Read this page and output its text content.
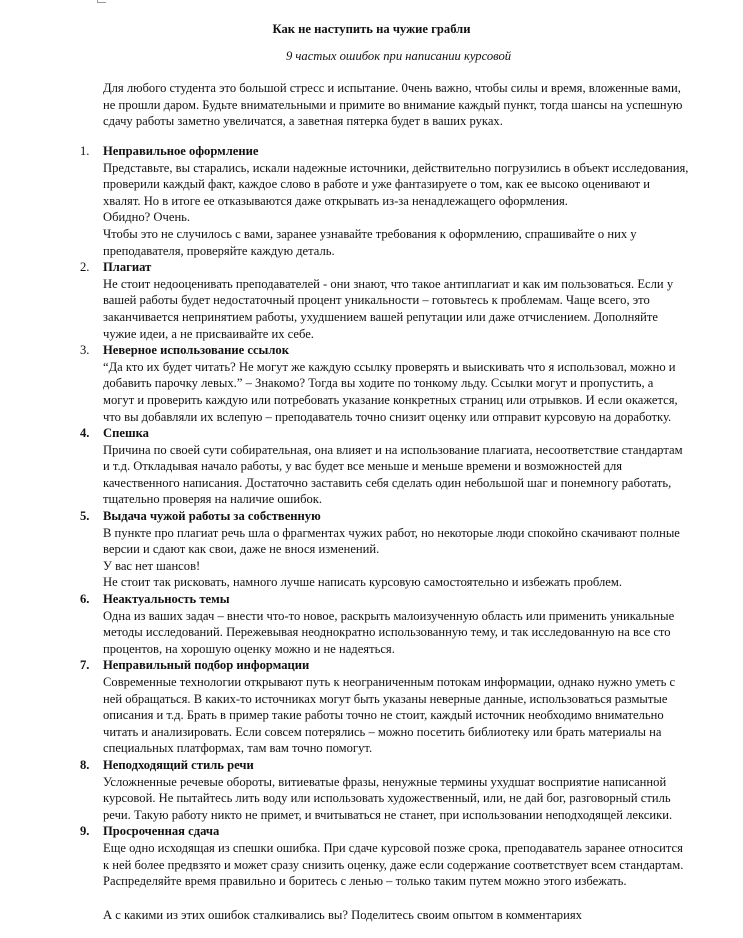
Как не наступить на чужие грабли
9 частых ошибок при написании курсовой
Для любого студента это большой стресс и испытание. 0чень важно, чтобы силы и время, вложенные вами,
не прошли даром. Будьте внимательными и примите во внимание каждый пункт, тогда шансы на успешную
сдачу работы заметно увеличатся, а заветная пятерка будет в ваших руках.
1. Неправильное оформление
Представьте, вы старались, искали надежные источники, действительно погрузились в объект исследования,
проверили каждый факт, каждое слово в работе и уже фантазируете о том, как ее высоко оценивают и
хвалят. Но в итоге ее отказываются даже открывать из-за ненадлежащего оформления.
Обидно? Очень.
Чтобы это не случилось с вами, заранее узнавайте требования к оформлению, спрашивайте о них у
преподавателя, проверяйте каждую деталь.
2. Плагиат
Не стоит недооценивать преподавателей - они знают, что такое антиплагиат и как им пользоваться. Если у
вашей работы будет недостаточный процент уникальности – готовьтесь к проблемам. Чаще всего, это
заканчивается непринятием работы, ухудшением вашей репутации или даже отчислением. Дополняйте
чужие идеи, а не присваивайте их себе.
3. Неверное использование ссылок
“Да кто их будет читать? Не могут же каждую ссылку проверять и выискивать что я использовал, можно и
добавить парочку левых.” – Знакомо? Тогда вы ходите по тонкому льду. Ссылки могут и пропустить, а
могут и проверить каждую или потребовать указание конкретных страниц или отрывков. И если окажется,
что вы добавляли их вслепую – преподаватель точно снизит оценку или отправит курсовую на доработку.
4. Спешка
Причина по своей сути собирательная, она влияет и на использование плагиата, несоответствие стандартам
и т.д. Откладывая начало работы, у вас будет все меньше и меньше времени и возможностей для
качественного написания. Достаточно заставить себя сделать один небольшой шаг и понемногу работать,
тщательно проверяя на наличие ошибок.
5. Выдача чужой работы за собственную
В пункте про плагиат речь шла о фрагментах чужих работ, но некоторые люди спокойно скачивают полные
версии и сдают как свои, даже не внося изменений.
У вас нет шансов!
Не стоит так рисковать, намного лучше написать курсовую самостоятельно и избежать проблем.
6. Неактуальность темы
Одна из ваших задач – внести что-то новое, раскрыть малоизученную область или применить уникальные
методы исследований. Пережевывая неоднократно использованную тему, и так исследованную на все сто
процентов, на хорошую оценку можно и не надеяться.
7. Неправильный подбор информации
Современные технологии открывают путь к неограниченным потокам информации, однако нужно уметь с
ней обращаться. В каких-то источниках могут быть указаны неверные данные, использоваться размытые
описания и т.д. Брать в пример такие работы точно не стоит, каждый источник необходимо внимательно
читать и анализировать. Если совсем потерялись – можно посетить библиотеку или брать материалы на
специальных платформах, там вам точно помогут.
8. Неподходящий стиль речи
Усложненные речевые обороты, витиеватые фразы, ненужные термины ухудшат восприятие написанной
курсовой. Не пытайтесь лить воду или использовать художественный, или, не дай бог, разговорный стиль
речи. Такую работу никто не примет, и вчитываться не станет, при использовании неподходящей лексики.
9. Просроченная сдача
Еще одно исходящая из спешки ошибка. При сдаче курсовой позже срока, преподаватель заранее относится
к ней более предвзято и может сразу снизить оценку, даже если содержание соответствует всем стандартам.
Распределяйте время правильно и боритесь с ленью – только таким путем можно этого избежать.
А с какими из этих ошибок сталкивались вы? Поделитесь своим опытом в комментариях
